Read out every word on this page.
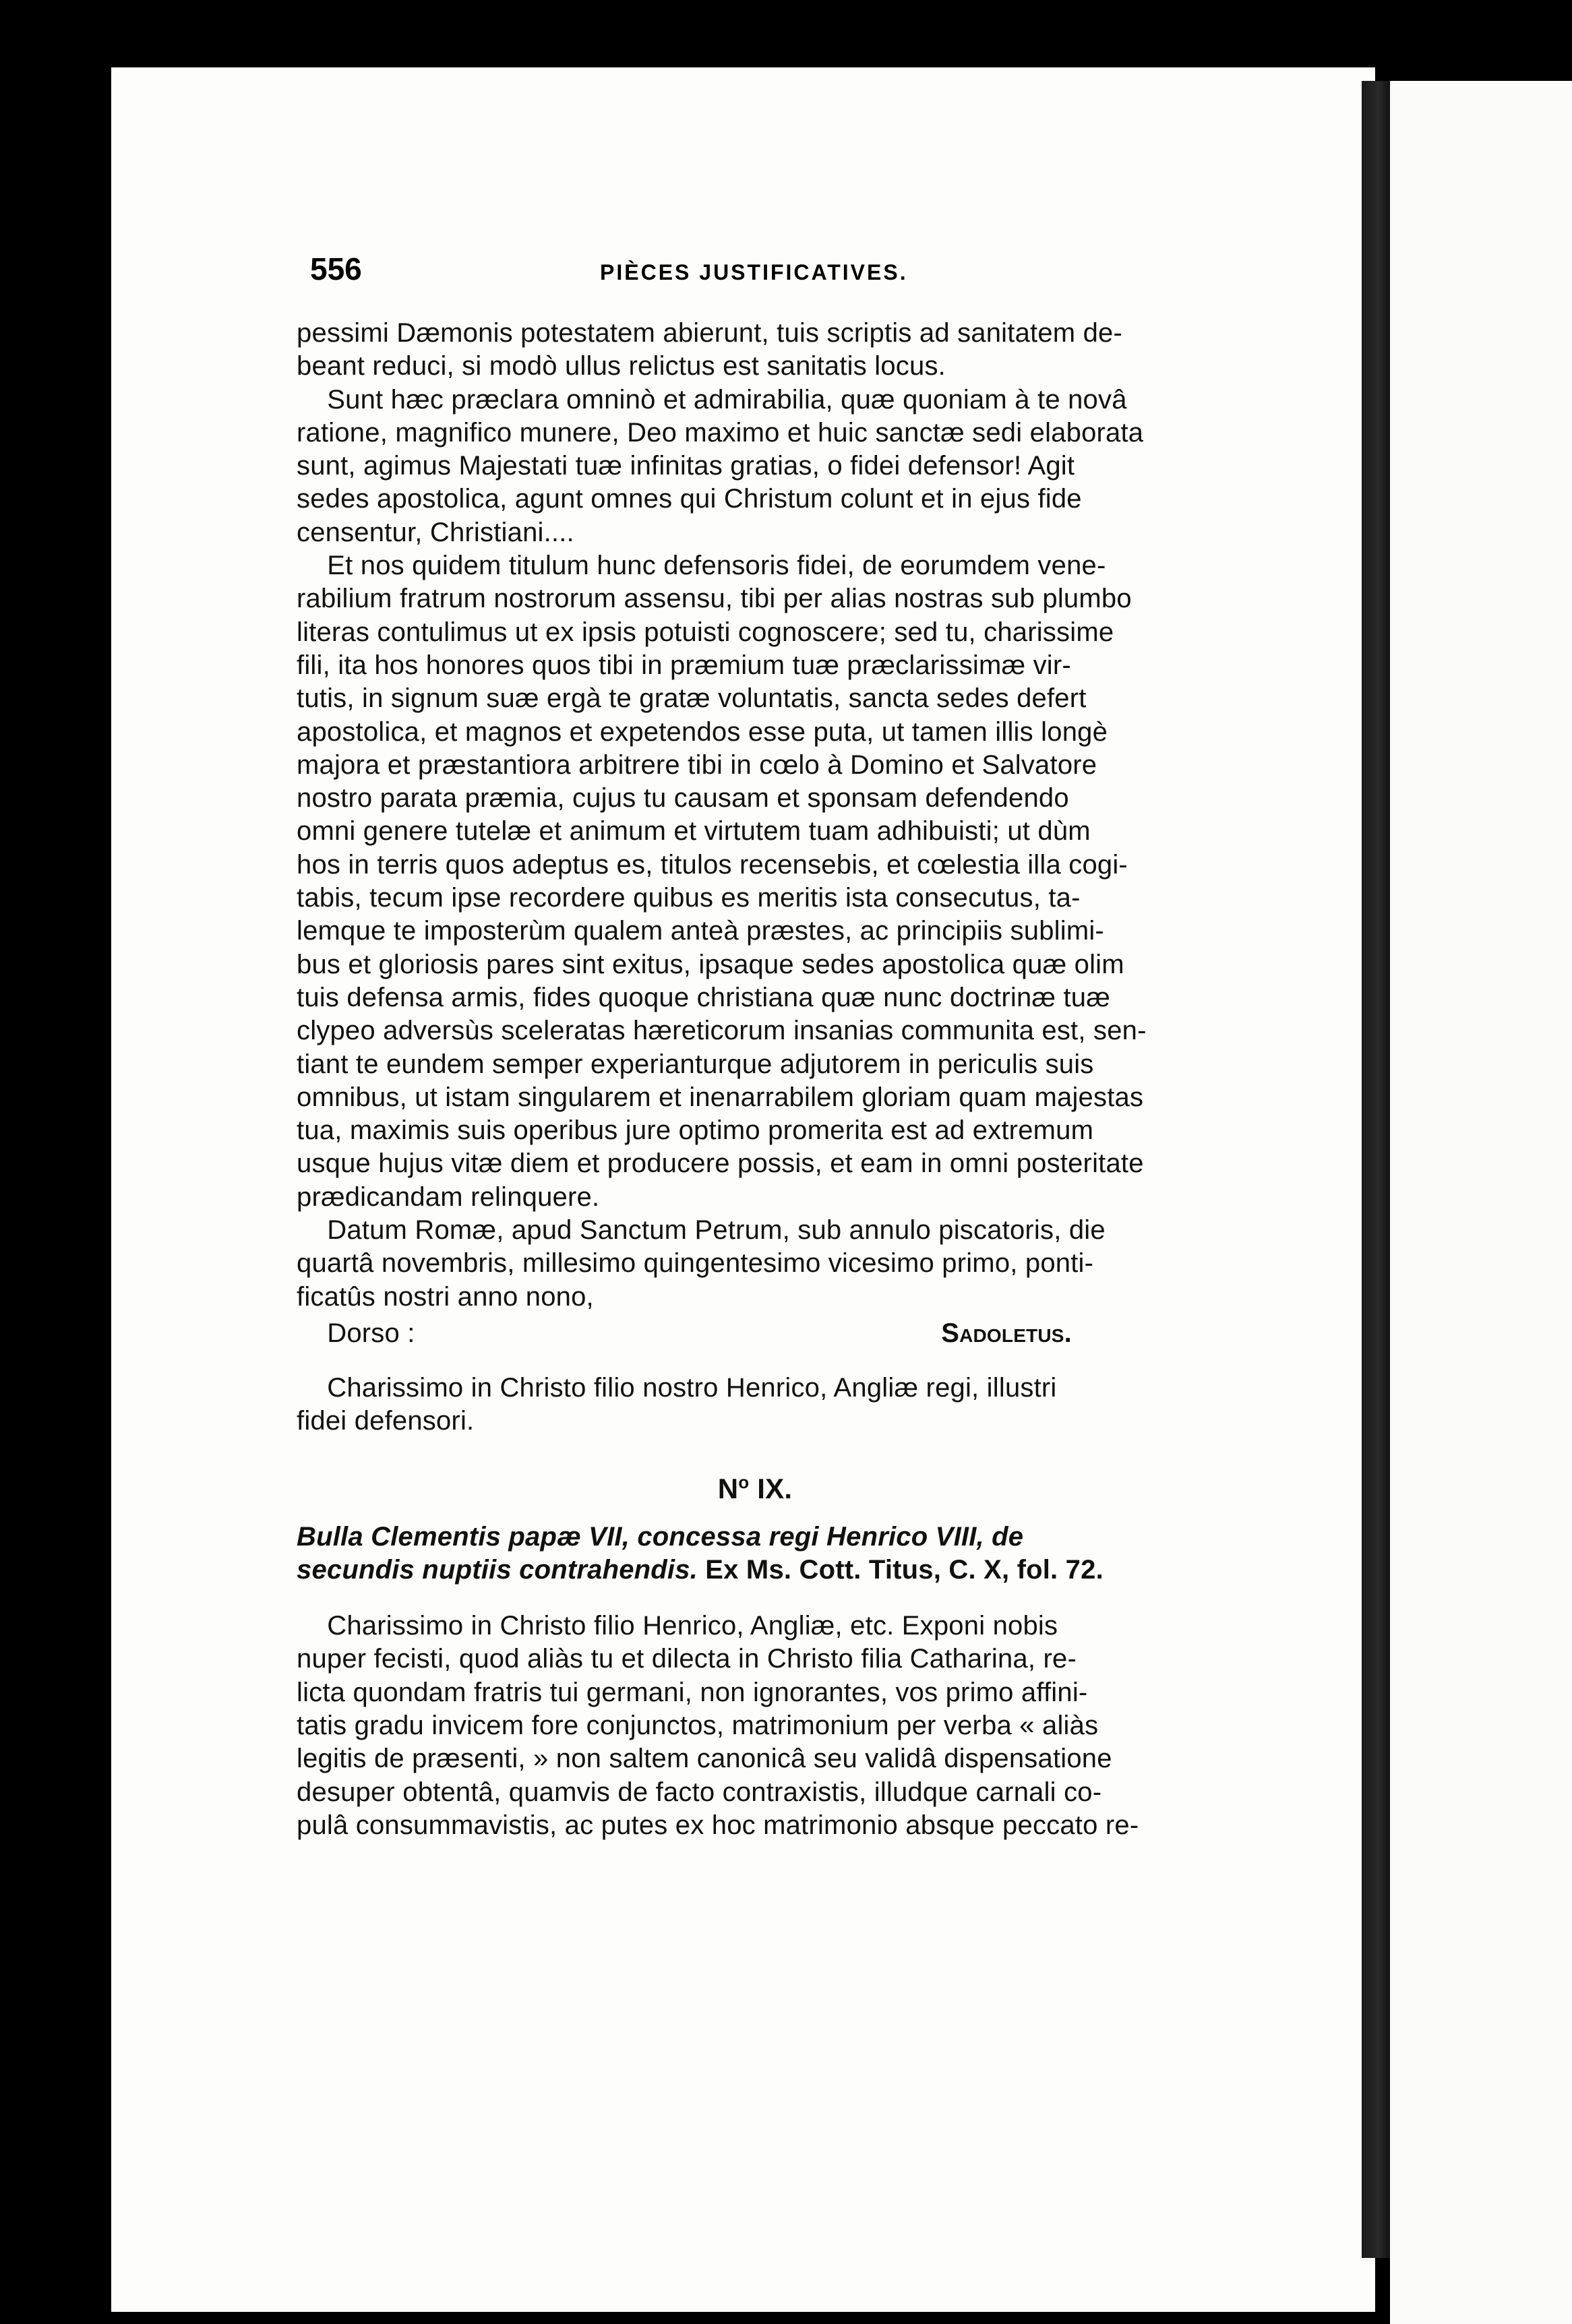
556	PIÈCES JUSTIFICATIVES.
pessimi Dæmonis potestatem abierunt, tuis scriptis ad sanitatem de-
beant reduci, si modò ullus relictus est sanitatis locus.
Sunt hæc præclara omninò et admirabilia, quæ quoniam à te novâ
ratione, magnifico munere, Deo maximo et huic sanctæ sedi elaborata
sunt, agimus Majestati tuæ infinitas gratias, o fidei defensor! Agit
sedes apostolica, agunt omnes qui Christum colunt et in ejus fide
censentur, Christiani....
Et nos quidem titulum hunc defensoris fidei, de eorumdem vene-
rabilium fratrum nostrorum assensu, tibi per alias nostras sub plumbo
literas contulimus ut ex ipsis potuisti cognoscere; sed tu, charissime
fili, ita hos honores quos tibi in præmium tuæ præclarissimæ vir-
tutis, in signum suæ ergà te gratæ voluntatis, sancta sedes defert
apostolica, et magnos et expetendos esse puta, ut tamen illis longè
majora et præstantiora arbitrere tibi in cœlo à Domino et Salvatore
nostro parata præmia, cujus tu causam et sponsam defendendo
omni genere tutelæ et animum et virtutem tuam adhibuisti; ut dùm
hos in terris quos adeptus es, titulos recensebis, et cœlestia illa cogi-
tabis, tecum ipse recordere quibus es meritis ista consecutus, ta-
lemque te imposterùm qualem anteà præstes, ac principiis sublimi-
bus et gloriosis pares sint exitus, ipsaque sedes apostolica quæ olim
tuis defensa armis, fides quoque christiana quæ nunc doctrinæ tuæ
clypeo adversùs sceleratas hæreticorum insanias communita est, sen-
tiant te eundem semper experianturque adjutorem in periculis suis
omnibus, ut istam singularem et inenarrabilem gloriam quam majestas
tua, maximis suis operibus jure optimo promerita est ad extremum
usque hujus vitæ diem et producere possis, et eam in omni posteritate
prædicandam relinquere.
Datum Romæ, apud Sanctum Petrum, sub annulo piscatoris, die
quartâ novembris, millesimo quingentesimo vicesimo primo, ponti-
ficatûs nostri anno nono,
Dorso :	Sadoletus.
Charissimo in Christo filio nostro Henrico, Angliæ regi, illustri
fidei defensori.
$N^o$ IX.
Bulla Clementis papæ VII, concessa regi Henrico VIII, de
secundis nuptiis contrahendis. Ex Ms. Cott. Titus, C. X, fol. 72.
Charissimo in Christo filio Henrico, Angliæ, etc. Exponi nobis
nuper fecisti, quod aliàs tu et dilecta in Christo filia Catharina, re-
licta quondam fratris tui germani, non ignorantes, vos primo affini-
tatis gradu invicem fore conjunctos, matrimonium per verba « aliàs
legitis de præsenti, » non saltem canonicâ seu validâ dispensatione
desuper obtentâ, quamvis de facto contraxistis, illudque carnali co-
pulâ consummavistis, ac putes ex hoc matrimonio absque peccato re-
